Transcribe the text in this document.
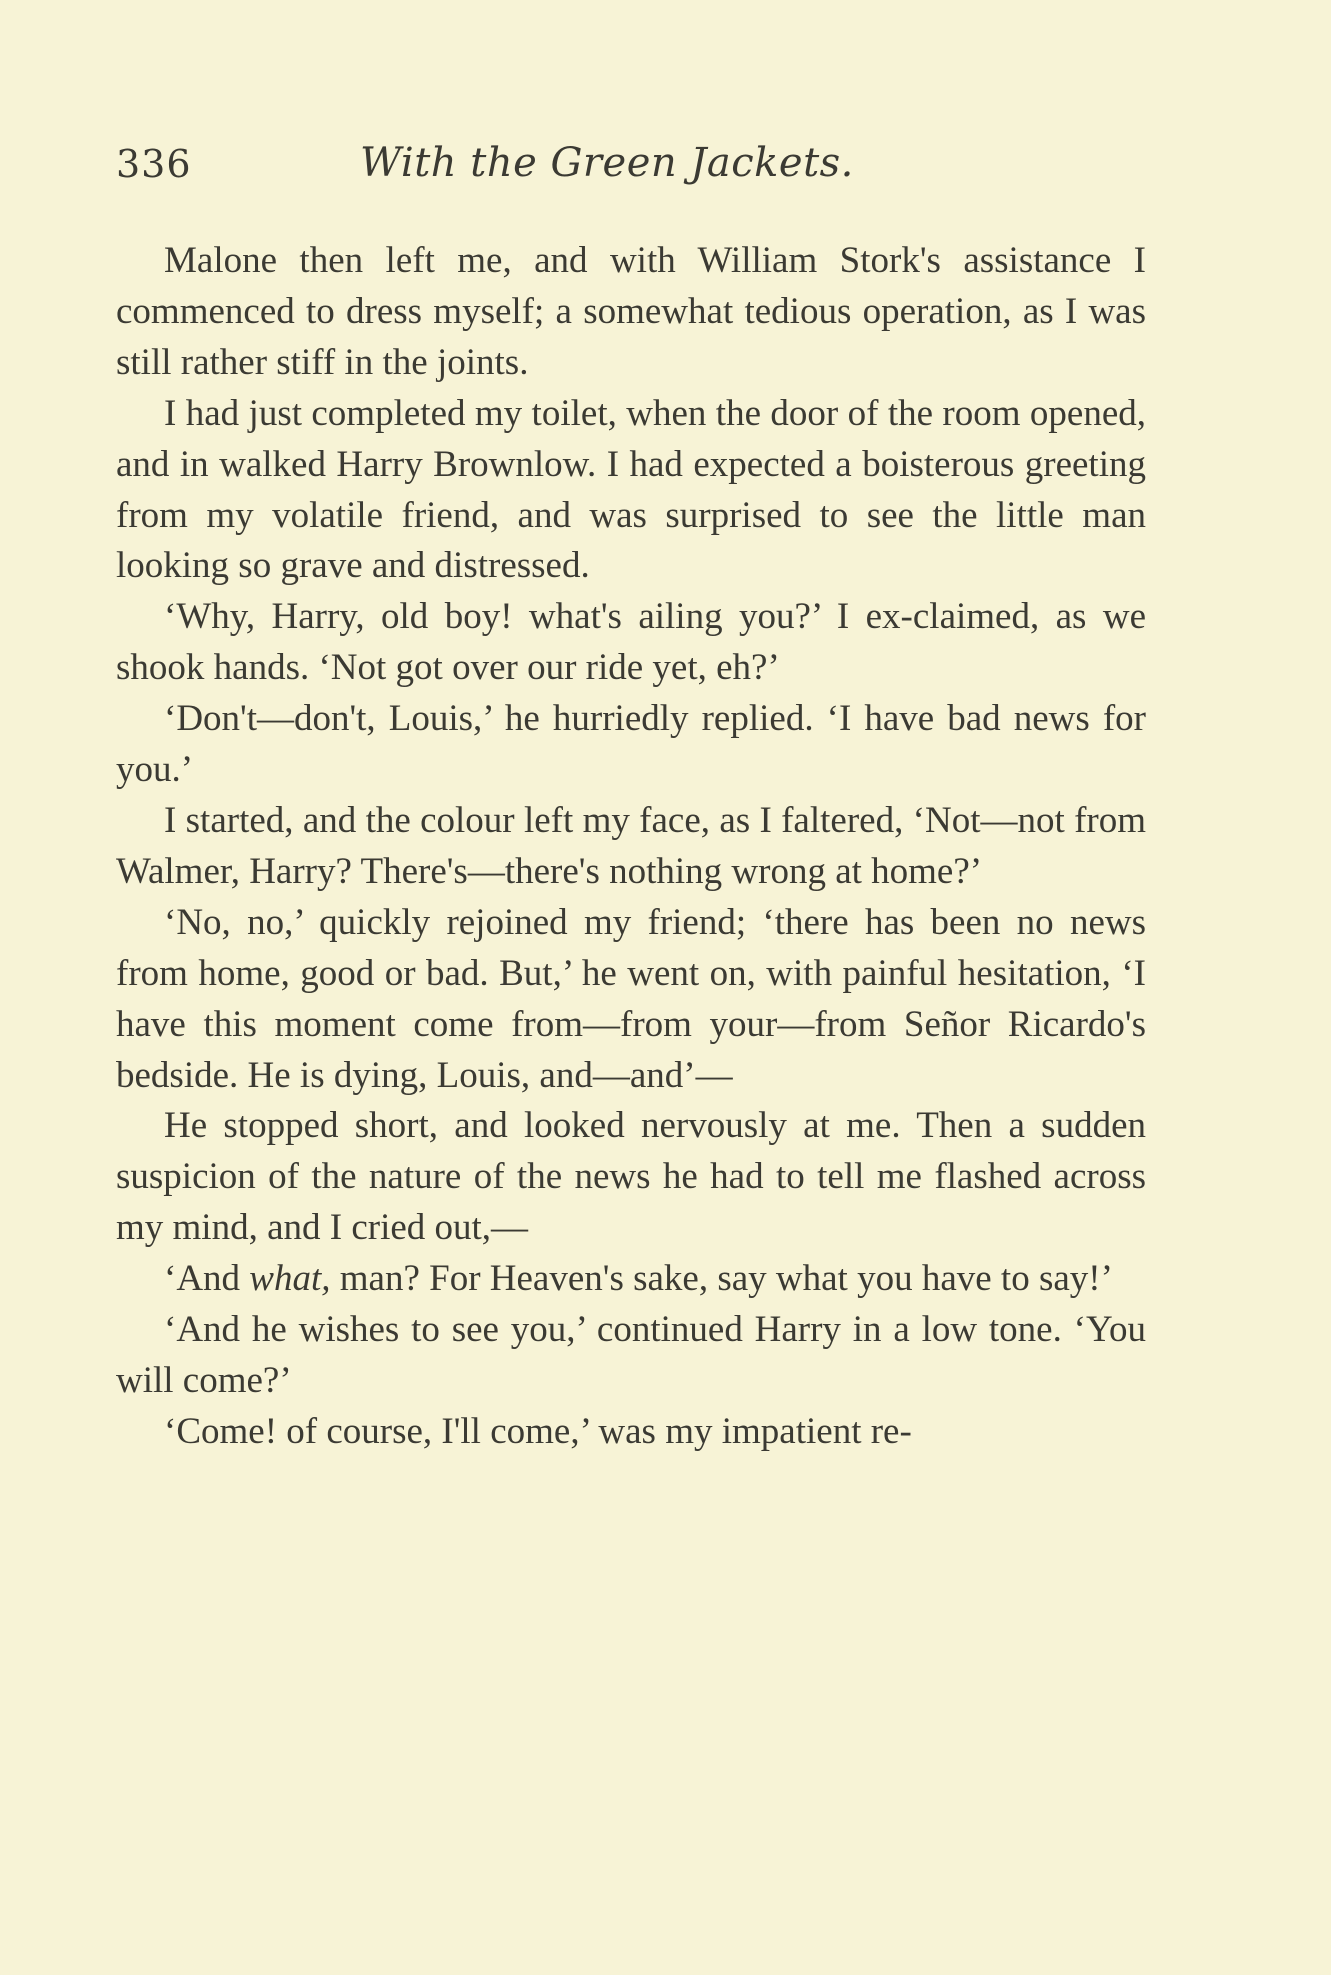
336	With the Green Jackets.

Malone then left me, and with William Stork's assistance I commenced to dress myself; a somewhat tedious operation, as I was still rather stiff in the joints.

I had just completed my toilet, when the door of the room opened, and in walked Harry Brownlow. I had expected a boisterous greeting from my volatile friend, and was surprised to see the little man looking so grave and distressed.

‘Why, Harry, old boy! what's ailing you?’ I ex-claimed, as we shook hands. ‘Not got over our ride yet, eh?’

‘Don't—don't, Louis,’ he hurriedly replied. ‘I have bad news for you.’

I started, and the colour left my face, as I faltered, ‘Not—not from Walmer, Harry? There's—there's nothing wrong at home?’

‘No, no,’ quickly rejoined my friend; ‘there has been no news from home, good or bad. But,’ he went on, with painful hesitation, ‘I have this moment come from—from your—from Señor Ricardo's bedside. He is dying, Louis, and—and’—

He stopped short, and looked nervously at me. Then a sudden suspicion of the nature of the news he had to tell me flashed across my mind, and I cried out,—

‘And what, man? For Heaven's sake, say what you have to say!’

‘And he wishes to see you,’ continued Harry in a low tone. ‘You will come?’

‘Come! of course, I'll come,’ was my impatient re-
